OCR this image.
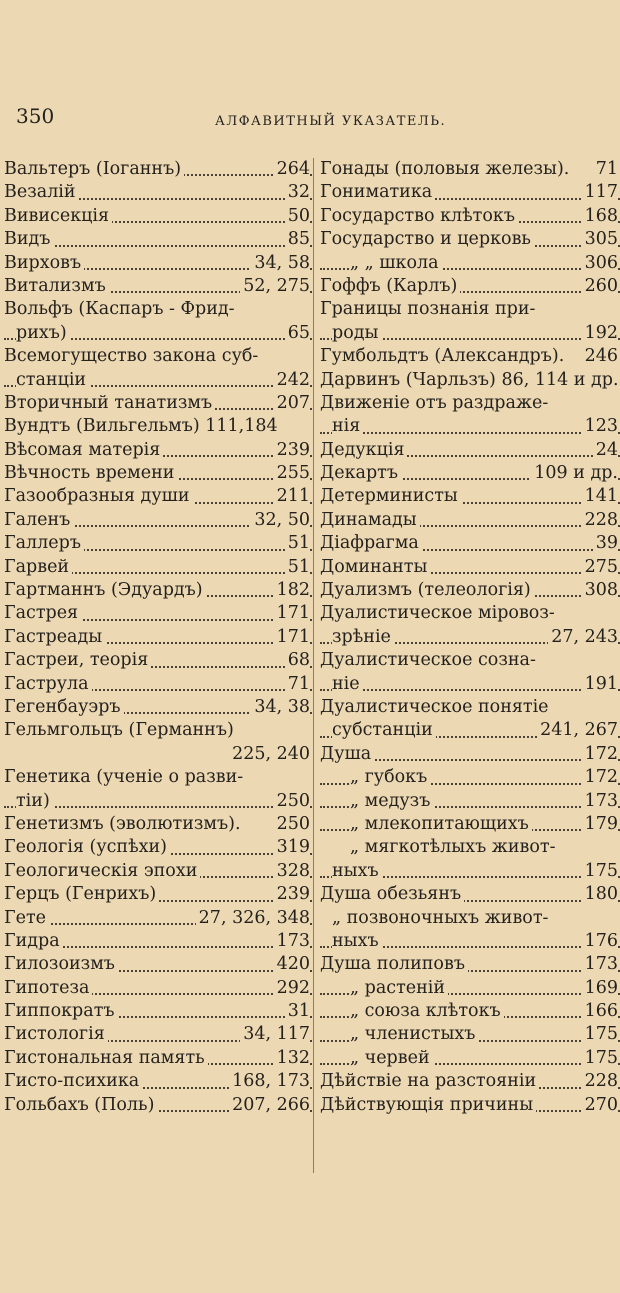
350	АЛФАВИТНЫЙ УКАЗАТЕЛЬ.
Вальтеръ (Іоганнъ)	264
Везалій	32
Вивисекція	50
Видъ	85
Вирховъ	34, 58
Витализмъ	52, 275
Вольфъ (Каспаръ - Фрид-
рихъ)	65
Всемогущество закона суб-
станціи	242
Вторичный танатизмъ	207
Вундтъ (Вильгельмъ) 111,184
Вѣсомая матерія	239
Вѣчность времени	255
Газообразныя души	211
Галенъ	32, 50
Галлеръ	51
Гарвей	51
Гартманнъ (Эдуардъ)	182
Гастрея	171
Гастреады	171
Гастреи, теорія	68
Гаструла	71
Гегенбауэръ	34, 38
Гельмгольцъ (Германнъ)
225, 240
Генетика (ученіе о разви-
тіи)	250
Генетизмъ (эволютизмъ).	250
Геологія (успѣхи)	319
Геологическія эпохи	328
Герцъ (Генрихъ)	239
Гете	27, 326, 348
Гидра	173
Гилозоизмъ	420
Гипотеза	292
Гиппократъ	31
Гистологія	34, 117
Гистональная память	132
Гисто-психика	168, 173
Гольбахъ (Поль)	207, 266
Гонады (половыя железы).	71
Гониматика	117
Государство клѣтокъ	168
Государство и церковь	305
„ „ школа	306
Гоффъ (Карлъ)	260
Границы познанія при-
роды	192
Гумбольдтъ (Александръ).	246
Дарвинъ (Чарльзъ) 86, 114 и др.
Движеніе отъ раздраже-
нія	123
Дедукція	24
Декартъ	109 и др.
Детерминисты	141
Динамады	228
Діафрагма	39
Доминанты	275
Дуализмъ (телеологія)	308
Дуалистическое міровоз-
зрѣніе	27, 243
Дуалистическое созна-
ніе	191
Дуалистическое понятіе
субстанціи	241, 267
Душа	172
„ губокъ	172
„ медузъ	173
„ млекопитающихъ	179
„ мягкотѣлыхъ живот-
ныхъ	175
Душа обезьянъ	180
„ позвоночныхъ живот-
ныхъ	176
Душа полиповъ	173
„ растеній	169
„ союза клѣтокъ	166
„ членистыхъ	175
„ червей	175
Дѣйствіе на разстояніи	228
Дѣйствующія причины	270
